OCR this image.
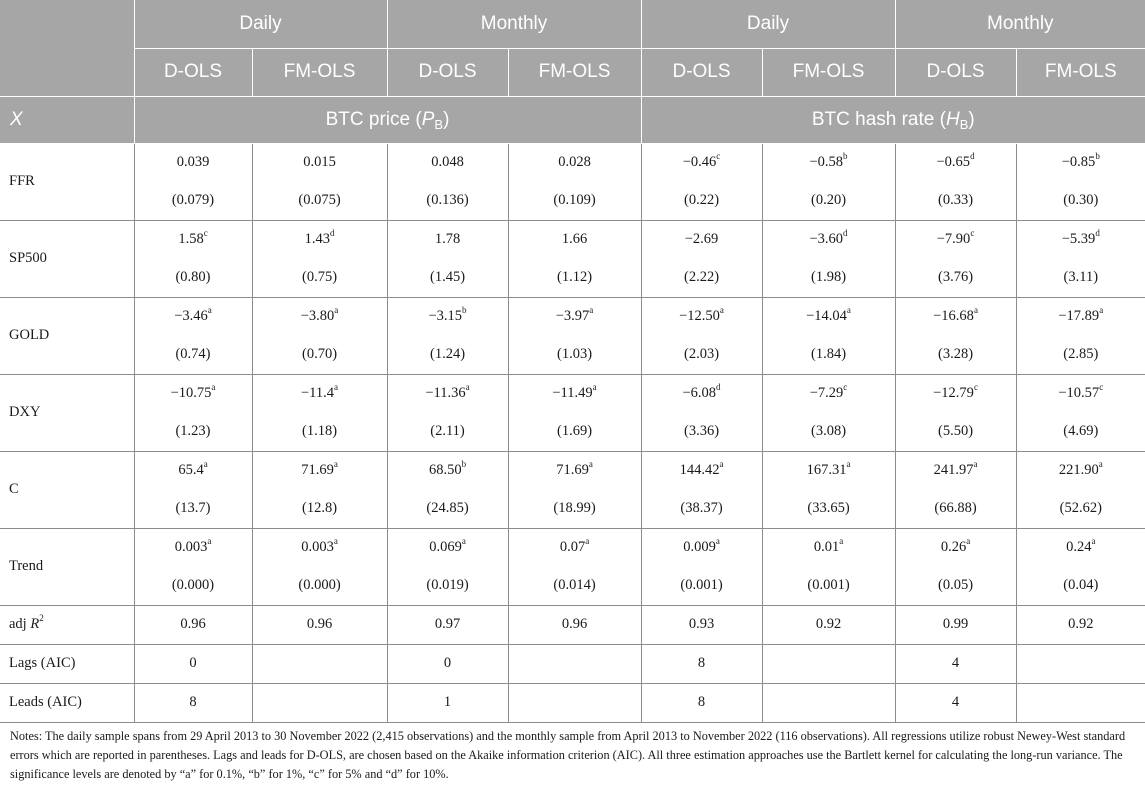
	Daily		Monthly		Daily		Monthly	
	D-OLS	FM-OLS	D-OLS	FM-OLS	D-OLS	FM-OLS	D-OLS	FM-OLS
X	BTC price $(P_B)$				BTC hash rate $(H_B)$			
FFR	0.039	0.015	0.048	0.028	−0.46$^c$	−0.58$^b$	−0.65$^d$	−0.85$^b$
	(0.079)	(0.075)	(0.136)	(0.109)	(0.22)	(0.20)	(0.33)	(0.30)
SP500	1.58$^c$	1.43$^d$	1.78	1.66	−2.69	−3.60$^d$	−7.90$^c$	−5.39$^d$
	(0.80)	(0.75)	(1.45)	(1.12)	(2.22)	(1.98)	(3.76)	(3.11)
GOLD	−3.46$^a$	−3.80$^a$	−3.15$^b$	−3.97$^a$	−12.50$^a$	−14.04$^a$	−16.68$^a$	−17.89$^a$
	(0.74)	(0.70)	(1.24)	(1.03)	(2.03)	(1.84)	(3.28)	(2.85)
DXY	−10.75$^a$	−11.4$^a$	−11.36$^a$	−11.49$^a$	−6.08$^d$	−7.29$^c$	−12.79$^c$	−10.57$^c$
	(1.23)	(1.18)	(2.11)	(1.69)	(3.36)	(3.08)	(5.50)	(4.69)
C	65.4$^a$	71.69$^a$	68.50$^b$	71.69$^a$	144.42$^a$	167.31$^a$	241.97$^a$	221.90$^a$
	(13.7)	(12.8)	(24.85)	(18.99)	(38.37)	(33.65)	(66.88)	(52.62)
Trend	0.003$^a$	0.003$^a$	0.069$^a$	0.07$^a$	0.009$^a$	0.01$^a$	0.26$^a$	0.24$^a$
	(0.000)	(0.000)	(0.019)	(0.014)	(0.001)	(0.001)	(0.05)	(0.04)
adj $R^2$	0.96	0.96	0.97	0.96	0.93	0.92	0.99	0.92
Lags (AIC)	0		0		8		4	
Leads (AIC)	8		1		8		4	
Notes: The daily sample spans from 29 April 2013 to 30 November 2022 (2,415 observations) and the monthly sample from April 2013 to November 2022 (116 observations). All regressions utilize robust Newey-West standard errors which are reported in parentheses. Lags and leads for D-OLS, are chosen based on the Akaike information criterion (AIC). All three estimation approaches use the Bartlett kernel for calculating the long-run variance. The significance levels are denoted by “a” for 0.1%, “b” for 1%, “c” for 5% and “d” for 10%.
